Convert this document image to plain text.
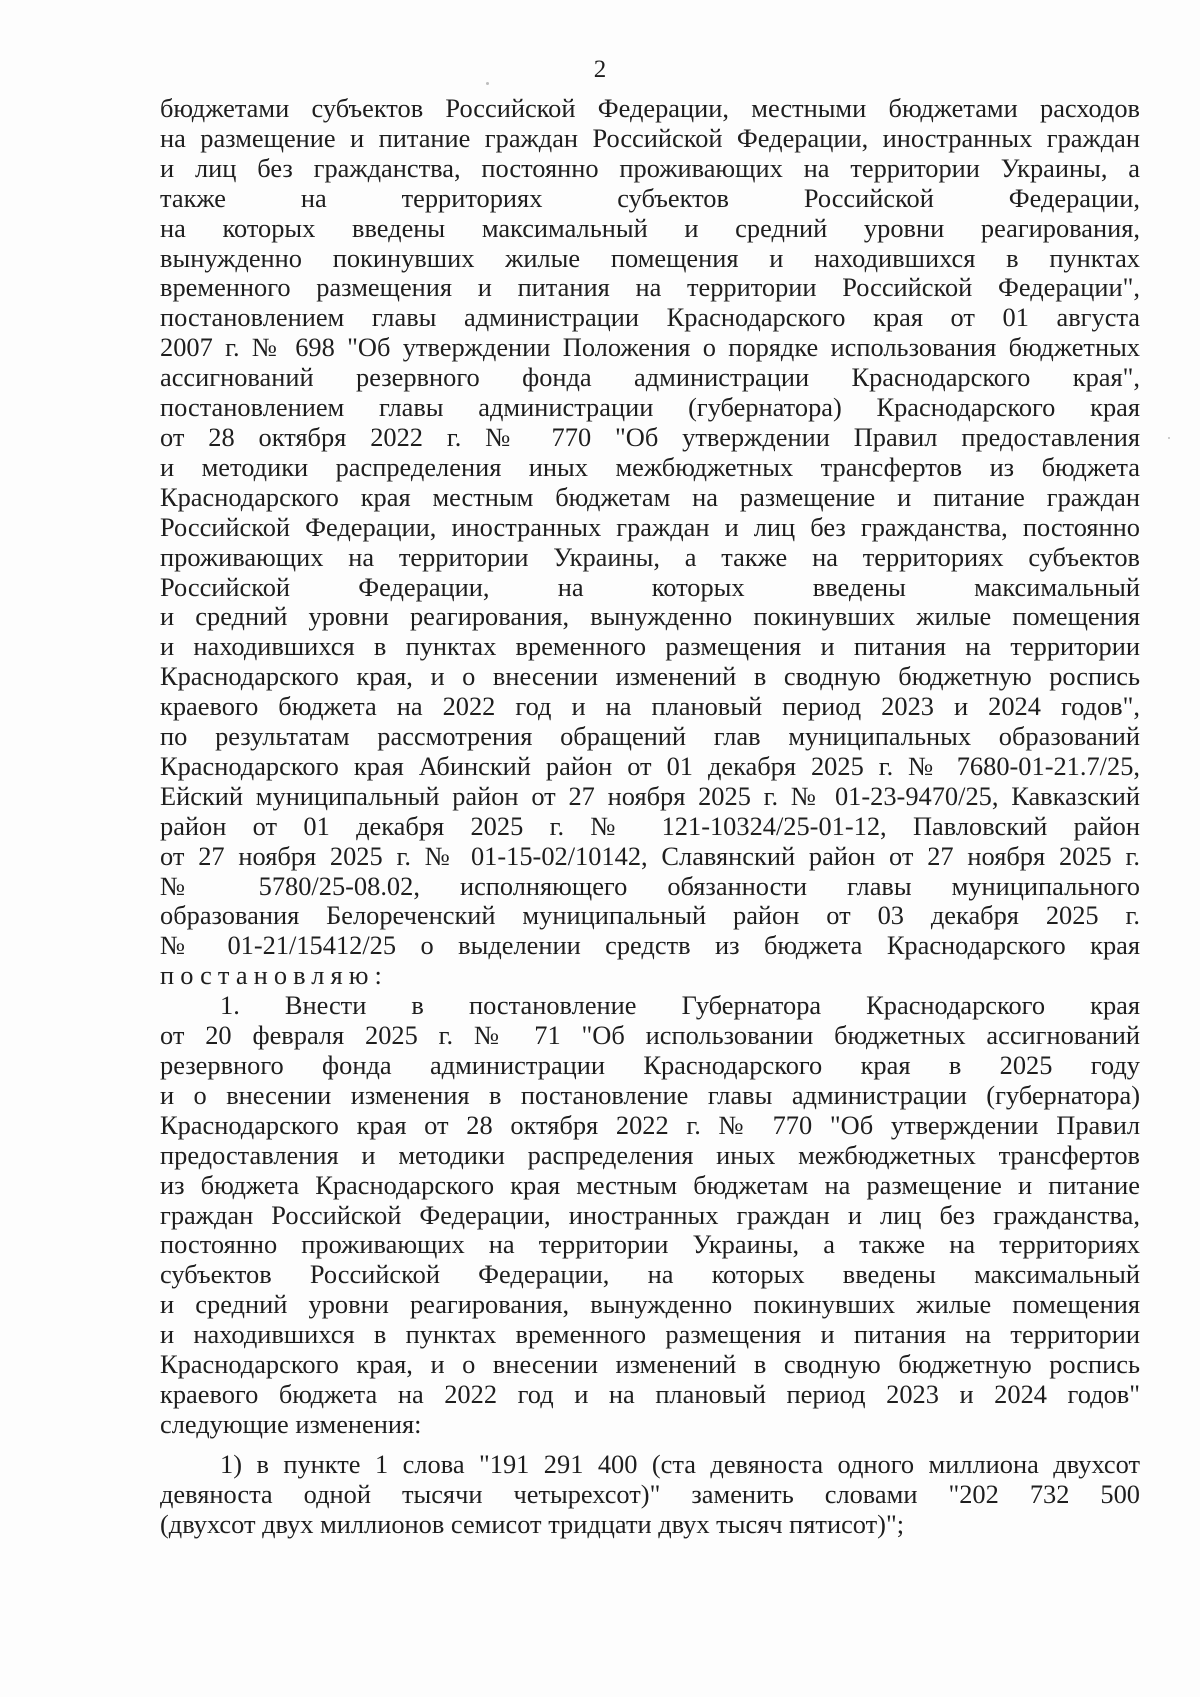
2
бюджетами субъектов Российской Федерации, местными бюджетами расходов
на размещение и питание граждан Российской Федерации, иностранных граждан
и лиц без гражданства, постоянно проживающих на территории Украины, а
также на территориях субъектов Российской Федерации,
на которых введены максимальный и средний уровни реагирования,
вынужденно покинувших жилые помещения и находившихся в пунктах
временного размещения и питания на территории Российской Федерации",
постановлением главы администрации Краснодарского края от 01 августа
2007 г. № 698 "Об утверждении Положения о порядке использования бюджетных
ассигнований резервного фонда администрации Краснодарского края",
постановлением главы администрации (губернатора) Краснодарского края
от 28 октября 2022 г. № 770 "Об утверждении Правил предоставления
и методики распределения иных межбюджетных трансфертов из бюджета
Краснодарского края местным бюджетам на размещение и питание граждан
Российской Федерации, иностранных граждан и лиц без гражданства, постоянно
проживающих на территории Украины, а также на территориях субъектов
Российской Федерации, на которых введены максимальный
и средний уровни реагирования, вынужденно покинувших жилые помещения
и находившихся в пунктах временного размещения и питания на территории
Краснодарского края, и о внесении изменений в сводную бюджетную роспись
краевого бюджета на 2022 год и на плановый период 2023 и 2024 годов",
по результатам рассмотрения обращений глав муниципальных образований
Краснодарского края Абинский район от 01 декабря 2025 г. № 7680-01-21.7/25,
Ейский муниципальный район от 27 ноября 2025 г. № 01-23-9470/25, Кавказский
район от 01 декабря 2025 г. № 121-10324/25-01-12, Павловский район
от 27 ноября 2025 г. № 01-15-02/10142, Славянский район от 27 ноября 2025 г.
№ 5780/25-08.02, исполняющего обязанности главы муниципального
образования Белореченский муниципальный район от 03 декабря 2025 г.
№ 01-21/15412/25 о выделении средств из бюджета Краснодарского края
постановляю:
1. Внести в постановление Губернатора Краснодарского края
от 20 февраля 2025 г. № 71 "Об использовании бюджетных ассигнований
резервного фонда администрации Краснодарского края в 2025 году
и о внесении изменения в постановление главы администрации (губернатора)
Краснодарского края от 28 октября 2022 г. № 770 "Об утверждении Правил
предоставления и методики распределения иных межбюджетных трансфертов
из бюджета Краснодарского края местным бюджетам на размещение и питание
граждан Российской Федерации, иностранных граждан и лиц без гражданства,
постоянно проживающих на территории Украины, а также на территориях
субъектов Российской Федерации, на которых введены максимальный
и средний уровни реагирования, вынужденно покинувших жилые помещения
и находившихся в пунктах временного размещения и питания на территории
Краснодарского края, и о внесении изменений в сводную бюджетную роспись
краевого бюджета на 2022 год и на плановый период 2023 и 2024 годов"
следующие изменения:
1) в пункте 1 слова "191 291 400 (ста девяноста одного миллиона двухсот
девяноста одной тысячи четырехсот)" заменить словами "202 732 500
(двухсот двух миллионов семисот тридцати двух тысяч пятисот)";
